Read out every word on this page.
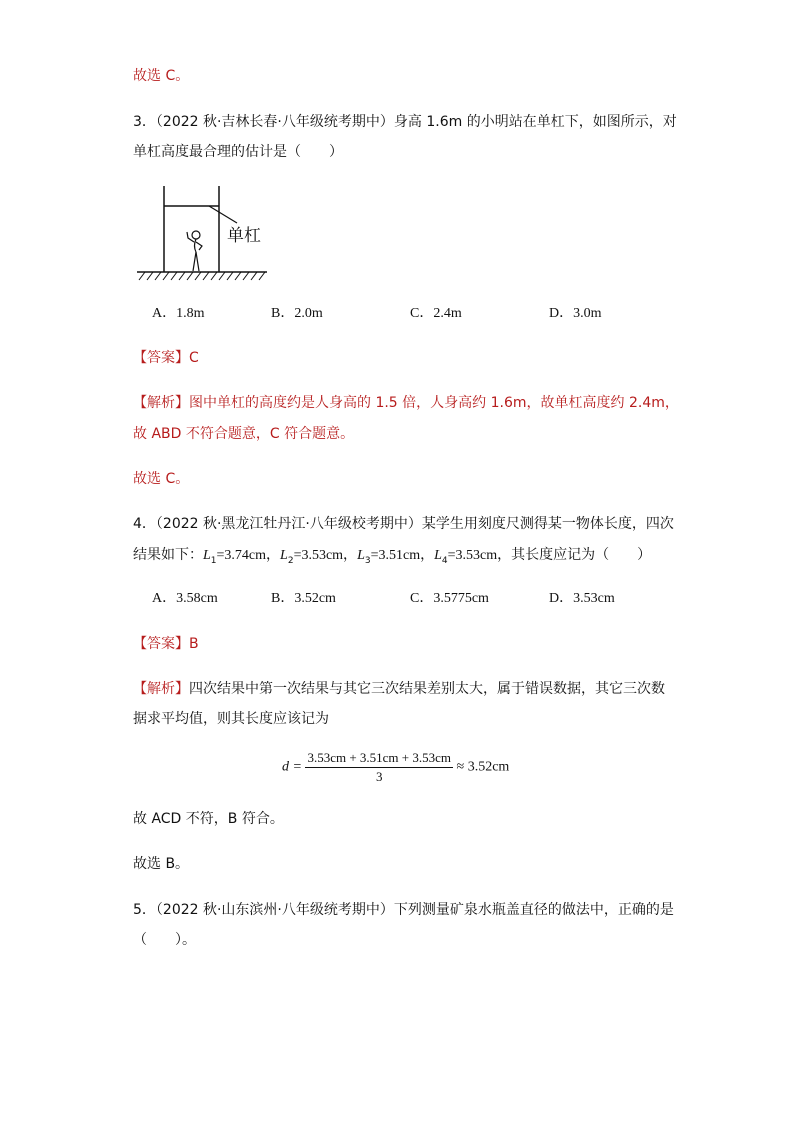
故选 C。
3．（2022 秋·吉林长春·八年级统考期中）身高 1.6m 的小明站在单杠下，如图所示，对
单杠高度最合理的估计是（　　）
单杠
A．1.8m	B．2.0m	C．2.4m	D．3.0m
【答案】C
【解析】图中单杠的高度约是人身高的 1.5 倍，人身高约 1.6m，故单杠高度约 2.4m，
故 ABD 不符合题意，C 符合题意。
故选 C。
4．（2022 秋·黑龙江牡丹江·八年级校考期中）某学生用刻度尺测得某一物体长度，四次
结果如下：$L_1=3.74cm$，$L_2=3.53cm$，$L_3=3.51cm$，$L_4=3.53cm$，其长度应记为（　　）
A．3.58cm	B．3.52cm	C．3.5775cm	D．3.53cm
【答案】B
【解析】四次结果中第一次结果与其它三次结果差别太大，属于错误数据，其它三次数
据求平均值，则其长度应该记为
$d = \frac{3.53cm + 3.51cm + 3.53cm}{3} \approx 3.52cm$
故 ACD 不符，B 符合。
故选 B。
5．（2022 秋·山东滨州·八年级统考期中）下列测量矿泉水瓶盖直径的做法中，正确的是
（　　）。
